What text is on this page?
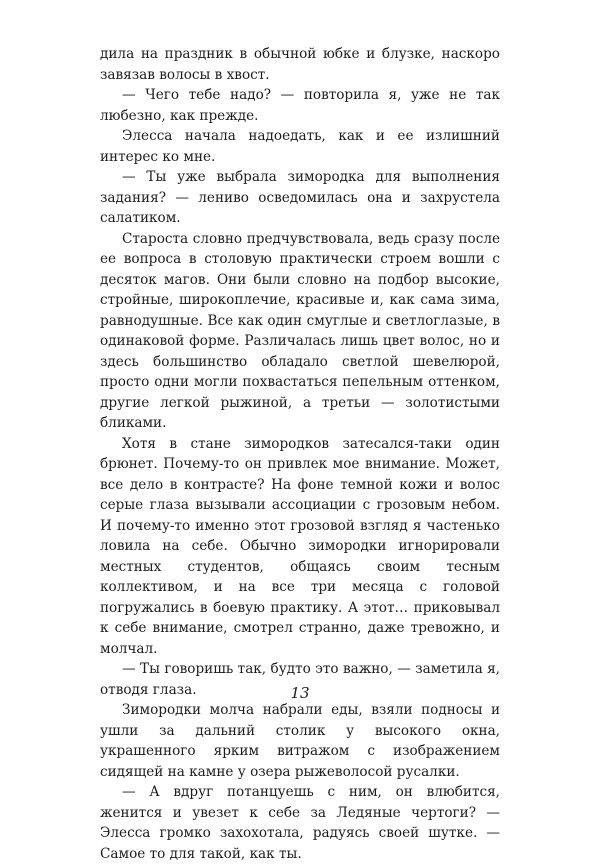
дила на праздник в обычной юбке и блузке, наскоро завязав волосы в хвост.

— Чего тебе надо? — повторила я, уже не так любезно, как прежде.

Элесса начала надоедать, как и ее излишний интерес ко мне.

— Ты уже выбрала зимородка для выполнения задания? — лениво осведомилась она и захрустела салатиком.

Староста словно предчувствовала, ведь сразу после ее вопроса в столовую практически строем вошли с десяток магов. Они были словно на подбор высокие, стройные, широкоплечие, красивые и, как сама зима, равнодушные. Все как один смуглые и светлоглазые, в одинаковой форме. Различалась лишь цвет волос, но и здесь большинство обладало светлой шевелюрой, просто одни могли похвастаться пепельным оттенком, другие легкой рыжиной, а третьи — золотистыми бликами.

Хотя в стане зимородков затесался-таки один брюнет. Почему-то он привлек мое внимание. Может, все дело в контрасте? На фоне темной кожи и волос серые глаза вызывали ассоциации с грозовым небом. И почему-то именно этот грозовой взгляд я частенько ловила на себе. Обычно зимородки игнорировали местных студентов, общаясь своим тесным коллективом, и на все три месяца с головой погружались в боевую практику. А этот… приковывал к себе внимание, смотрел странно, даже тревожно, и молчал.

— Ты говоришь так, будто это важно, — заметила я, отводя глаза.

Зимородки молча набрали еды, взяли подносы и ушли за дальний столик у высокого окна, украшенного ярким витражом с изображением сидящей на камне у озера рыжеволосой русалки.

— А вдруг потанцуешь с ним, он влюбится, женится и увезет к себе за Ледяные чертоги? — Элесса громко захохотала, радуясь своей шутке. — Самое то для такой, как ты.

13
